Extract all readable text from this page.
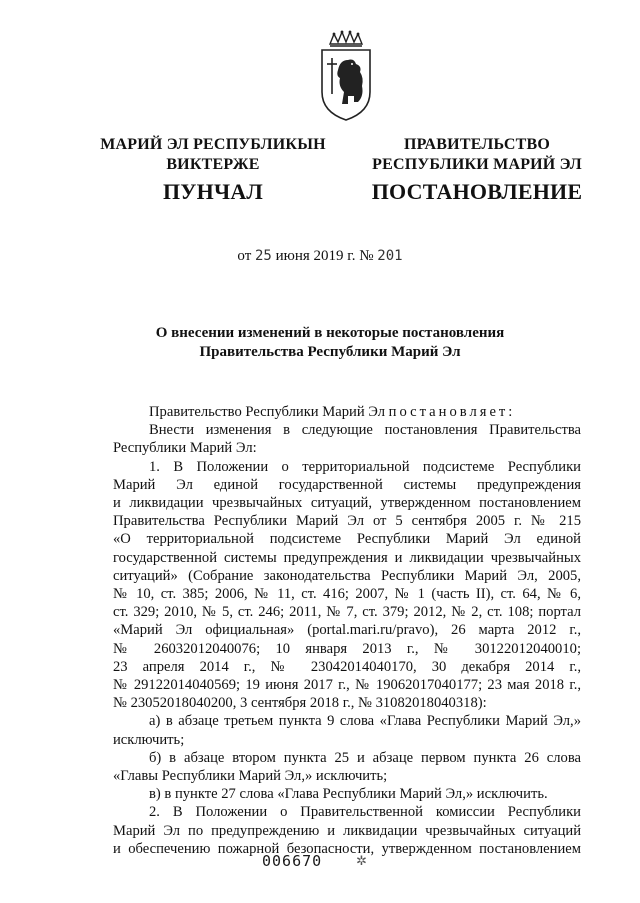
МАРИЙ ЭЛ РЕСПУБЛИКЫН
ВИКТЕРЖЕ
ПУНЧАЛ
ПРАВИТЕЛЬСТВО
РЕСПУБЛИКИ МАРИЙ ЭЛ
ПОСТАНОВЛЕНИЕ
от 25 июня 2019 г. № 201
О внесении изменений в некоторые постановления
Правительства Республики Марий Эл
Правительство Республики Марий Эл постановляет:
Внести изменения в следующие постановления Правительства
Республики Марий Эл:
1. В Положении о территориальной подсистеме Республики
Марий Эл единой государственной системы предупреждения
и ликвидации чрезвычайных ситуаций, утвержденном постановлением
Правительства Республики Марий Эл от 5 сентября 2005 г. № 215
«О территориальной подсистеме Республики Марий Эл единой
государственной системы предупреждения и ликвидации чрезвычайных
ситуаций» (Собрание законодательства Республики Марий Эл, 2005,
№ 10, ст. 385; 2006, № 11, ст. 416; 2007, № 1 (часть II), ст. 64, № 6,
ст. 329; 2010, № 5, ст. 246; 2011, № 7, ст. 379; 2012, № 2, ст. 108; портал
«Марий Эл официальная» (portal.mari.ru/pravo), 26 марта 2012 г.,
№ 26032012040076; 10 января 2013 г., № 30122012040010;
23 апреля 2014 г., № 23042014040170, 30 декабря 2014 г.,
№ 29122014040569; 19 июня 2017 г., № 19062017040177; 23 мая 2018 г.,
№ 23052018040200, 3 сентября 2018 г., № 31082018040318):
а) в абзаце третьем пункта 9 слова «Глава Республики Марий Эл,»
исключить;
б) в абзаце втором пункта 25 и абзаце первом пункта 26 слова
«Главы Республики Марий Эл,» исключить;
в) в пункте 27 слова «Глава Республики Марий Эл,» исключить.
2. В Положении о Правительственной комиссии Республики
Марий Эл по предупреждению и ликвидации чрезвычайных ситуаций
и обеспечению пожарной безопасности, утвержденном постановлением
006670	✲
